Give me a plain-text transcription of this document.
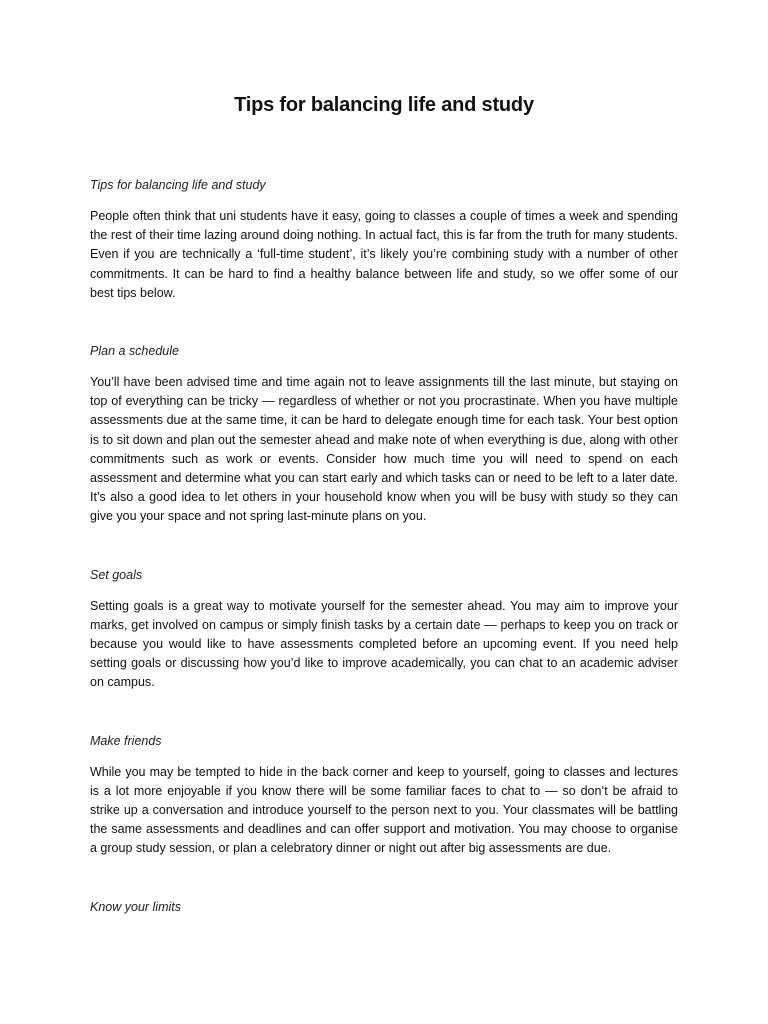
Tips for balancing life and study

Tips for balancing life and study

People often think that uni students have it easy, going to classes a couple of times a week and spending the rest of their time lazing around doing nothing. In actual fact, this is far from the truth for many students. Even if you are technically a ‘full-time student’, it’s likely you’re combining study with a number of other commitments. It can be hard to find a healthy balance between life and study, so we offer some of our best tips below.

Plan a schedule

You’ll have been advised time and time again not to leave assignments till the last minute, but staying on top of everything can be tricky — regardless of whether or not you procrastinate. When you have multiple assessments due at the same time, it can be hard to delegate enough time for each task. Your best option is to sit down and plan out the semester ahead and make note of when everything is due, along with other commitments such as work or events. Consider how much time you will need to spend on each assessment and determine what you can start early and which tasks can or need to be left to a later date. It’s also a good idea to let others in your household know when you will be busy with study so they can give you your space and not spring last-minute plans on you.

Set goals

Setting goals is a great way to motivate yourself for the semester ahead. You may aim to improve your marks, get involved on campus or simply finish tasks by a certain date — perhaps to keep you on track or because you would like to have assessments completed before an upcoming event. If you need help setting goals or discussing how you’d like to improve academically, you can chat to an academic adviser on campus.

Make friends

While you may be tempted to hide in the back corner and keep to yourself, going to classes and lectures is a lot more enjoyable if you know there will be some familiar faces to chat to — so don’t be afraid to strike up a conversation and introduce yourself to the person next to you. Your classmates will be battling the same assessments and deadlines and can offer support and motivation. You may choose to organise a group study session, or plan a celebratory dinner or night out after big assessments are due.

Know your limits
